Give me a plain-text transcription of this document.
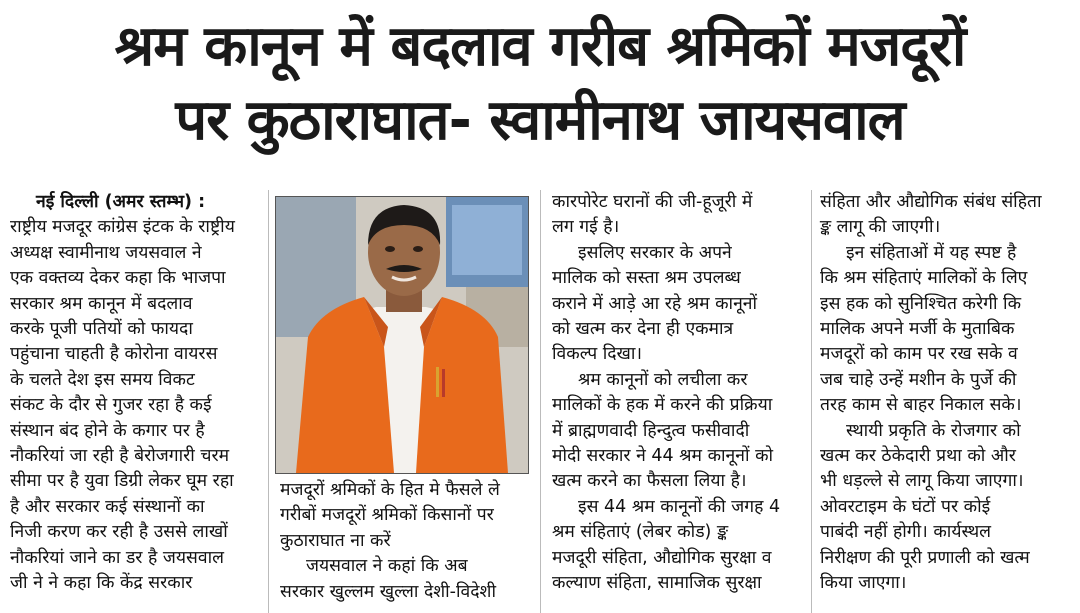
श्रम कानून में बदलाव गरीब श्रमिकों मजदूरों
पर कुठाराघात- स्वामीनाथ जायसवाल

नई दिल्ली (अमर स्तम्भ) :

राष्ट्रीय मजदूर कांग्रेस इंटक के राष्ट्रीय
अध्यक्ष स्वामीनाथ जयसवाल ने
एक वक्तव्य देकर कहा कि भाजपा
सरकार श्रम कानून में बदलाव
करके पूजी पतियों को फायदा
पहुंचाना चाहती है कोरोना वायरस
के चलते देश इस समय विकट
संकट के दौर से गुजर रहा है कई
संस्थान बंद होने के कगार पर है
नौकरियां जा रही है बेरोजगारी चरम
सीमा पर है युवा डिग्री लेकर घूम रहा
है और सरकार कई संस्थानों का
निजी करण कर रही है उससे लाखों
नौकरियां जाने का डर है जयसवाल
जी ने ने कहा कि केंद्र सरकार
मजदूरों श्रमिकों के हित मे फैसले ले
गरीबों मजदूरों श्रमिकों किसानों पर
कुठाराघात ना करें
जयसवाल ने कहां कि अब
सरकार खुल्लम खुल्ला देशी-विदेशी
कारपोरेट घरानों की जी-हूजूरी में
लग गई है।
इसलिए सरकार के अपने
मालिक को सस्ता श्रम उपलब्ध
कराने में आड़े आ रहे श्रम कानूनों
को खत्म कर देना ही एकमात्र
विकल्प दिखा।
श्रम कानूनों को लचीला कर
मालिकों के हक में करने की प्रक्रिया
में ब्राह्मणवादी हिन्दुत्व फसीवादी
मोदी सरकार ने 44 श्रम कानूनों को
खत्म करने का फैसला लिया है।
इस 44 श्रम कानूनों की जगह 4
श्रम संहिताएं (लेबर कोड) ङ्क
मजदूरी संहिता, औद्योगिक सुरक्षा व
कल्याण संहिता, सामाजिक सुरक्षा
संहिता और औद्योगिक संबंध संहिता
ङ्क लागू की जाएगी।
इन संहिताओं में यह स्पष्ट है
कि श्रम संहिताएं मालिकों के लिए
इस हक को सुनिश्चित करेगी कि
मालिक अपने मर्जी के मुताबिक
मजदूरों को काम पर रख सके व
जब चाहे उन्हें मशीन के पुर्जे की
तरह काम से बाहर निकाल सके।
स्थायी प्रकृति के रोजगार को
खत्म कर ठेकेदारी प्रथा को और
भी धड़ल्ले से लागू किया जाएगा।
ओवरटाइम के घंटों पर कोई
पाबंदी नहीं होगी। कार्यस्थल
निरीक्षण की पूरी प्रणाली को खत्म
किया जाएगा।
